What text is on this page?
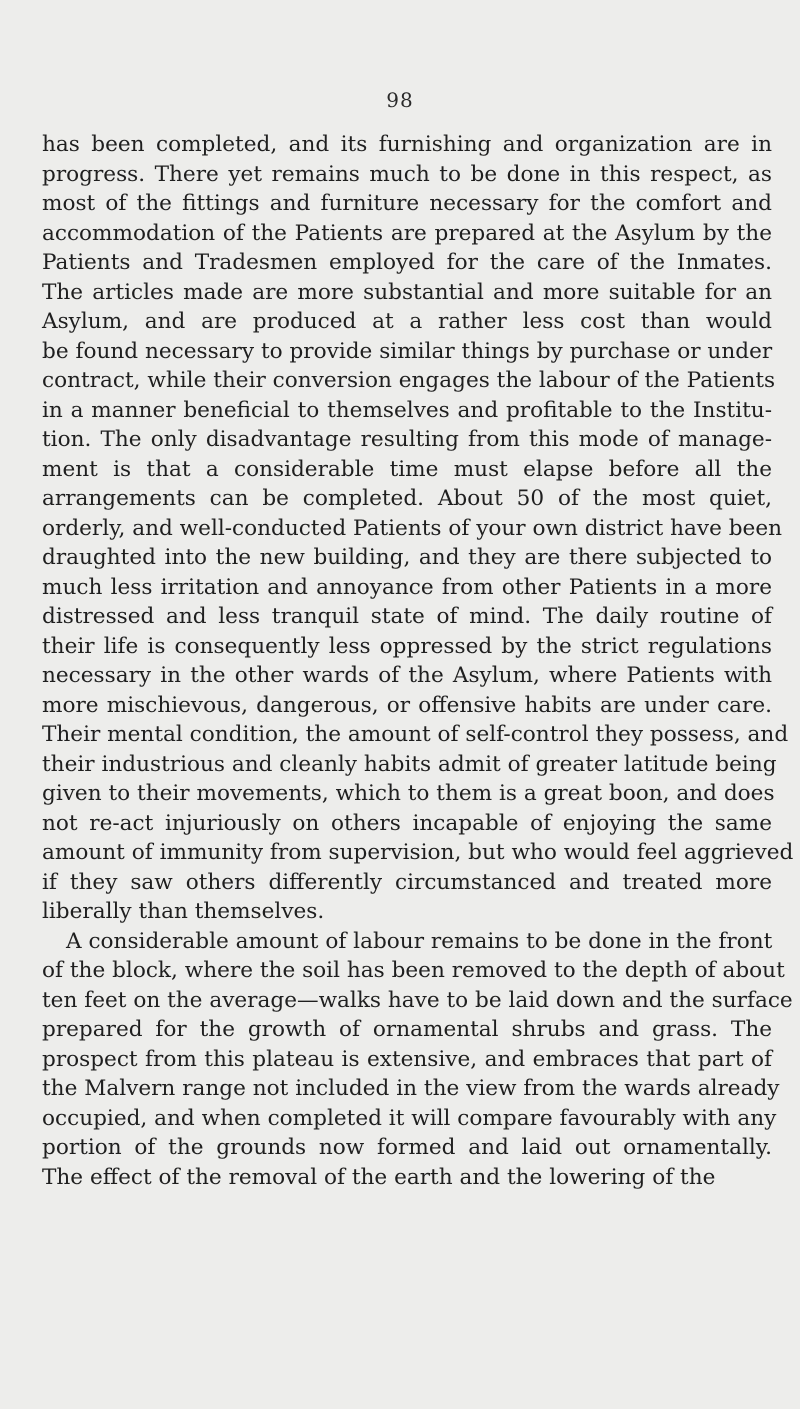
98
has been completed, and its furnishing and organization are in
progress. There yet remains much to be done in this respect, as
most of the fittings and furniture necessary for the comfort and
accommodation of the Patients are prepared at the Asylum by the
Patients and Tradesmen employed for the care of the Inmates.
The articles made are more substantial and more suitable for an
Asylum, and are produced at a rather less cost than would
be found necessary to provide similar things by purchase or under
contract, while their conversion engages the labour of the Patients
in a manner beneficial to themselves and profitable to the Institu-
tion. The only disadvantage resulting from this mode of manage-
ment is that a considerable time must elapse before all the
arrangements can be completed. About 50 of the most quiet,
orderly, and well-conducted Patients of your own district have been
draughted into the new building, and they are there subjected to
much less irritation and annoyance from other Patients in a more
distressed and less tranquil state of mind. The daily routine of
their life is consequently less oppressed by the strict regulations
necessary in the other wards of the Asylum, where Patients with
more mischievous, dangerous, or offensive habits are under care.
Their mental condition, the amount of self-control they possess, and
their industrious and cleanly habits admit of greater latitude being
given to their movements, which to them is a great boon, and does
not re-act injuriously on others incapable of enjoying the same
amount of immunity from supervision, but who would feel aggrieved
if they saw others differently circumstanced and treated more
liberally than themselves.
A considerable amount of labour remains to be done in the front
of the block, where the soil has been removed to the depth of about
ten feet on the average—walks have to be laid down and the surface
prepared for the growth of ornamental shrubs and grass. The
prospect from this plateau is extensive, and embraces that part of
the Malvern range not included in the view from the wards already
occupied, and when completed it will compare favourably with any
portion of the grounds now formed and laid out ornamentally.
The effect of the removal of the earth and the lowering of the
